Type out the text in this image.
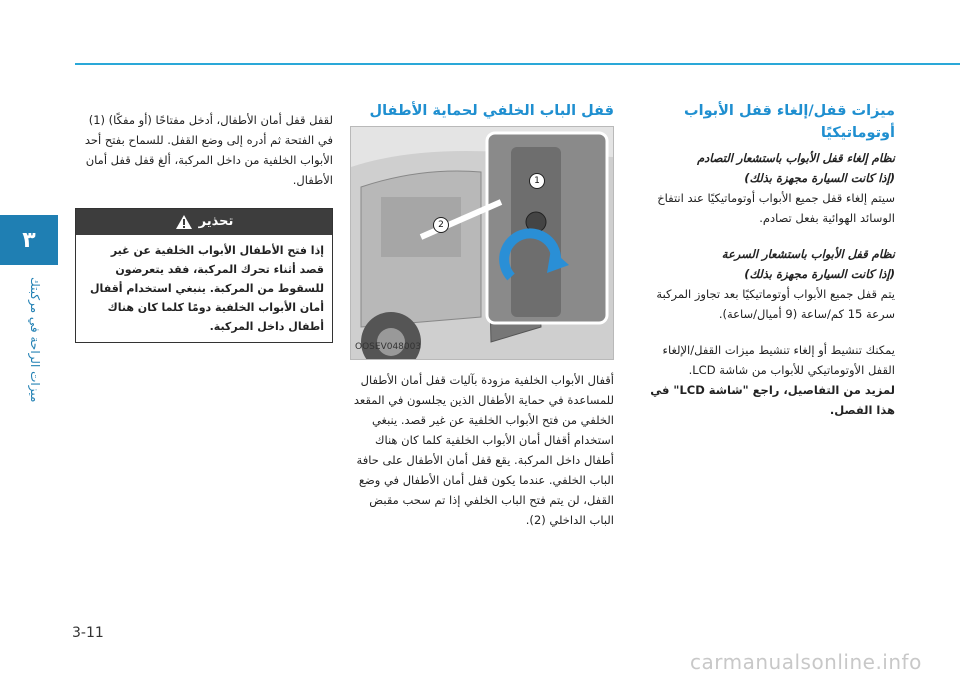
٣
ميزات الراحة في مركبتك

ميزات قفل/إلغاء قفل الأبواب أوتوماتيكيًا

نظام إلغاء قفل الأبواب باستشعار التصادم

(إذا كانت السيارة مجهزة بذلك)

سيتم إلغاء قفل جميع الأبواب أوتوماتيكيًا عند انتفاخ الوسائد الهوائية بفعل تصادم.

نظام قفل الأبواب باستشعار السرعة

(إذا كانت السيارة مجهزة بذلك)

يتم قفل جميع الأبواب أوتوماتيكيًا بعد تجاوز المركبة سرعة 15 كم/ساعة (9 أميال/ساعة).

يمكنك تنشيط أو إلغاء تنشيط ميزات القفل/الإلغاء القفل الأوتوماتيكي للأبواب من شاشة LCD.

لمزيد من التفاصيل، راجع "شاشة LCD" في هذا الفصل.

قفل الباب الخلفي لحماية الأطفال

1
2
OOSEV048003

أقفال الأبواب الخلفية مزودة بآليات قفل أمان الأطفال للمساعدة في حماية الأطفال الذين يجلسون في المقعد الخلفي من فتح الأبواب الخلفية عن غير قصد. ينبغي استخدام أقفال أمان الأبواب الخلفية كلما كان هناك أطفال داخل المركبة. يقع قفل أمان الأطفال على حافة الباب الخلفي. عندما يكون قفل أمان الأطفال في وضع القفل، لن يتم فتح الباب الخلفي إذا تم سحب مقبض الباب الداخلي (2).

لقفل قفل أمان الأطفال، أدخل مفتاحًا (أو مفكًا) (1) في الفتحة ثم أدره إلى وضع القفل. للسماح بفتح أحد الأبواب الخلفية من داخل المركبة، ألغ قفل قفل أمان الأطفال.

تحذير
إذا فتح الأطفال الأبواب الخلفية عن غير قصد أثناء تحرك المركبة، فقد يتعرضون للسقوط من المركبة. ينبغي استخدام أقفال أمان الأبواب الخلفية دومًا كلما كان هناك أطفال داخل المركبة.
3-11
carmanualsonline.info
